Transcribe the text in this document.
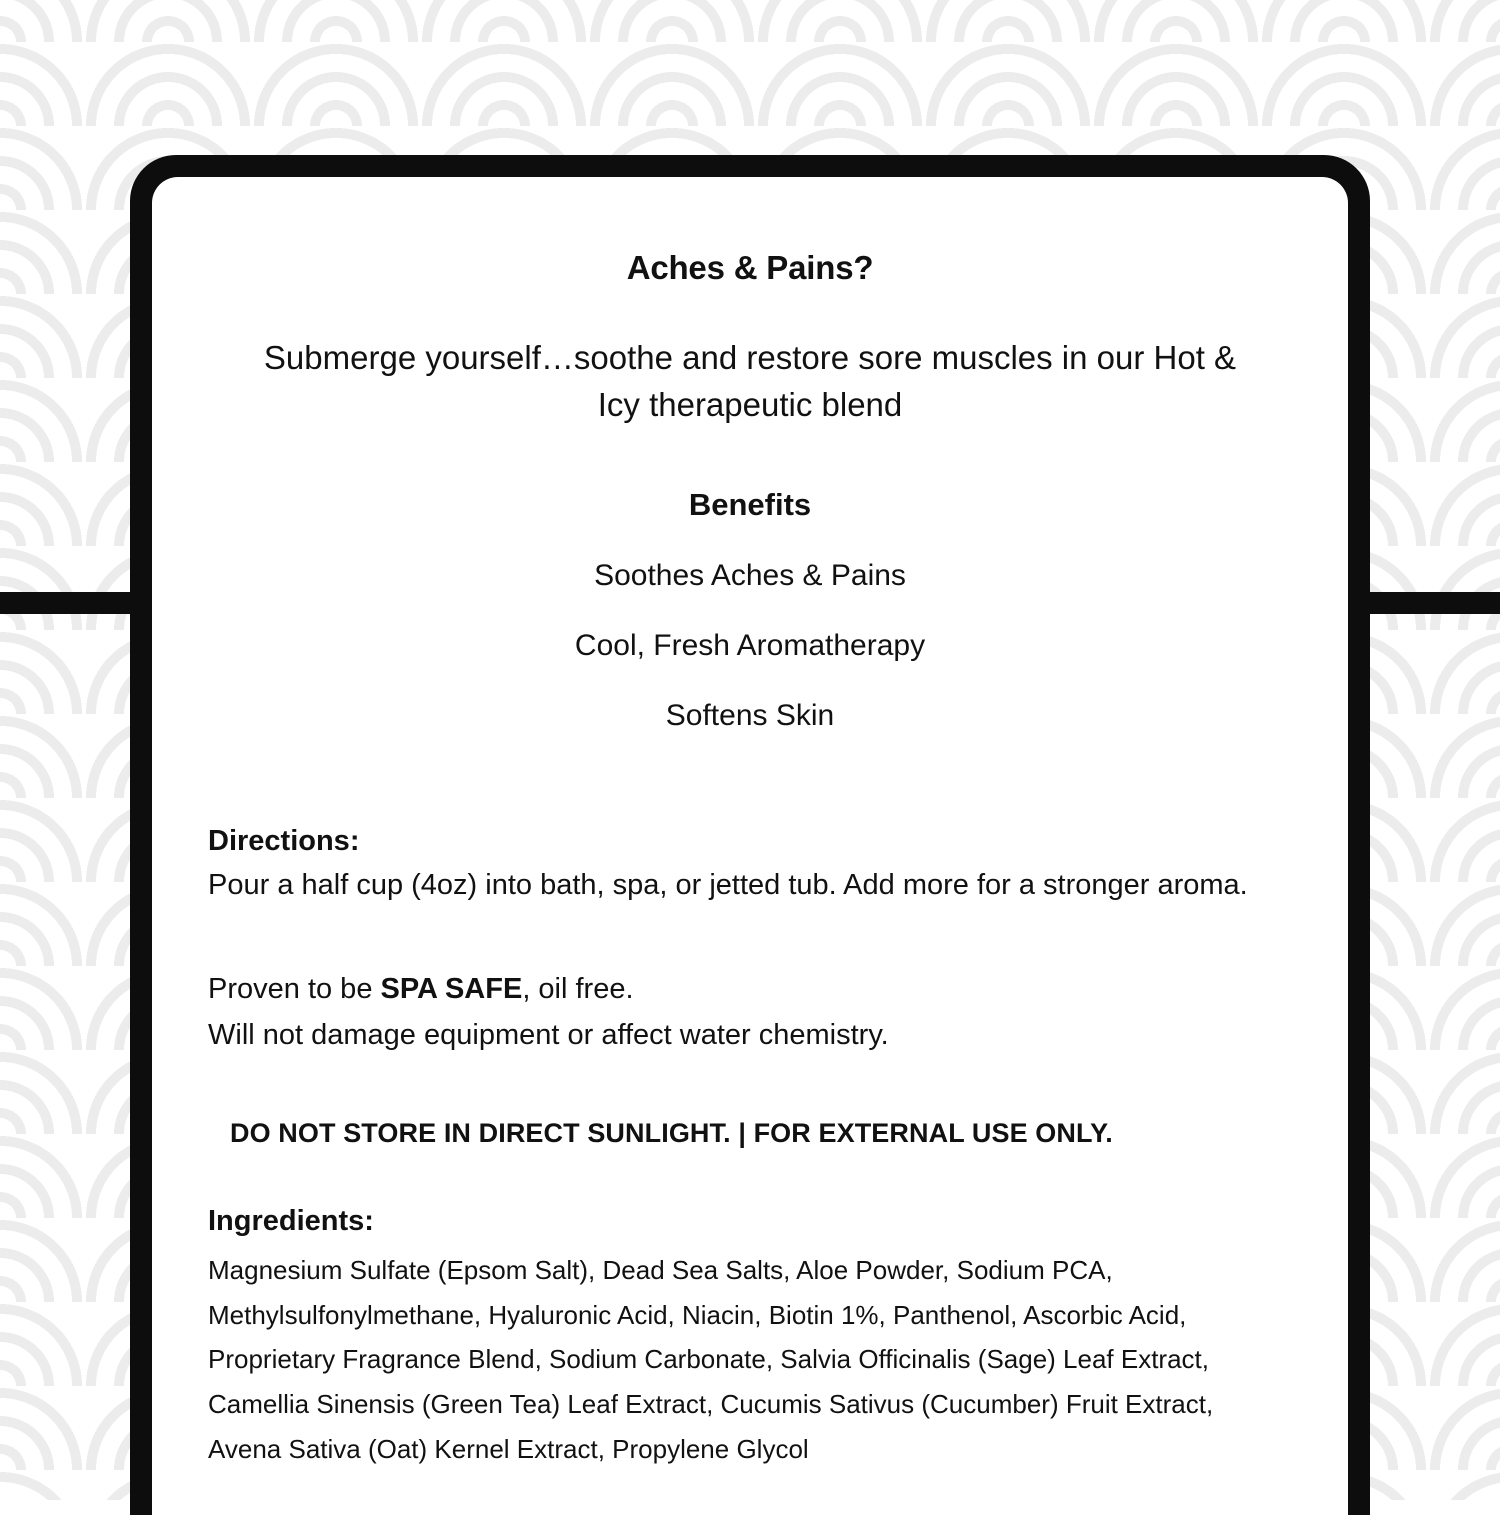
Aches & Pains?

Submerge yourself…soothe and restore sore muscles in our Hot & Icy therapeutic blend

Benefits

Soothes Aches & Pains

Cool, Fresh Aromatherapy

Softens Skin

Directions:

Pour a half cup (4oz) into bath, spa, or jetted tub. Add more for a stronger aroma.

Proven to be SPA SAFE, oil free.

Will not damage equipment or affect water chemistry.

DO NOT STORE IN DIRECT SUNLIGHT. | FOR EXTERNAL USE ONLY.

Ingredients:

Magnesium Sulfate (Epsom Salt), Dead Sea Salts, Aloe Powder, Sodium PCA, Methylsulfonylmethane, Hyaluronic Acid, Niacin, Biotin 1%, Panthenol, Ascorbic Acid, Proprietary Fragrance Blend, Sodium Carbonate, Salvia Officinalis (Sage) Leaf Extract, Camellia Sinensis (Green Tea) Leaf Extract, Cucumis Sativus (Cucumber) Fruit Extract, Avena Sativa (Oat) Kernel Extract, Propylene Glycol
